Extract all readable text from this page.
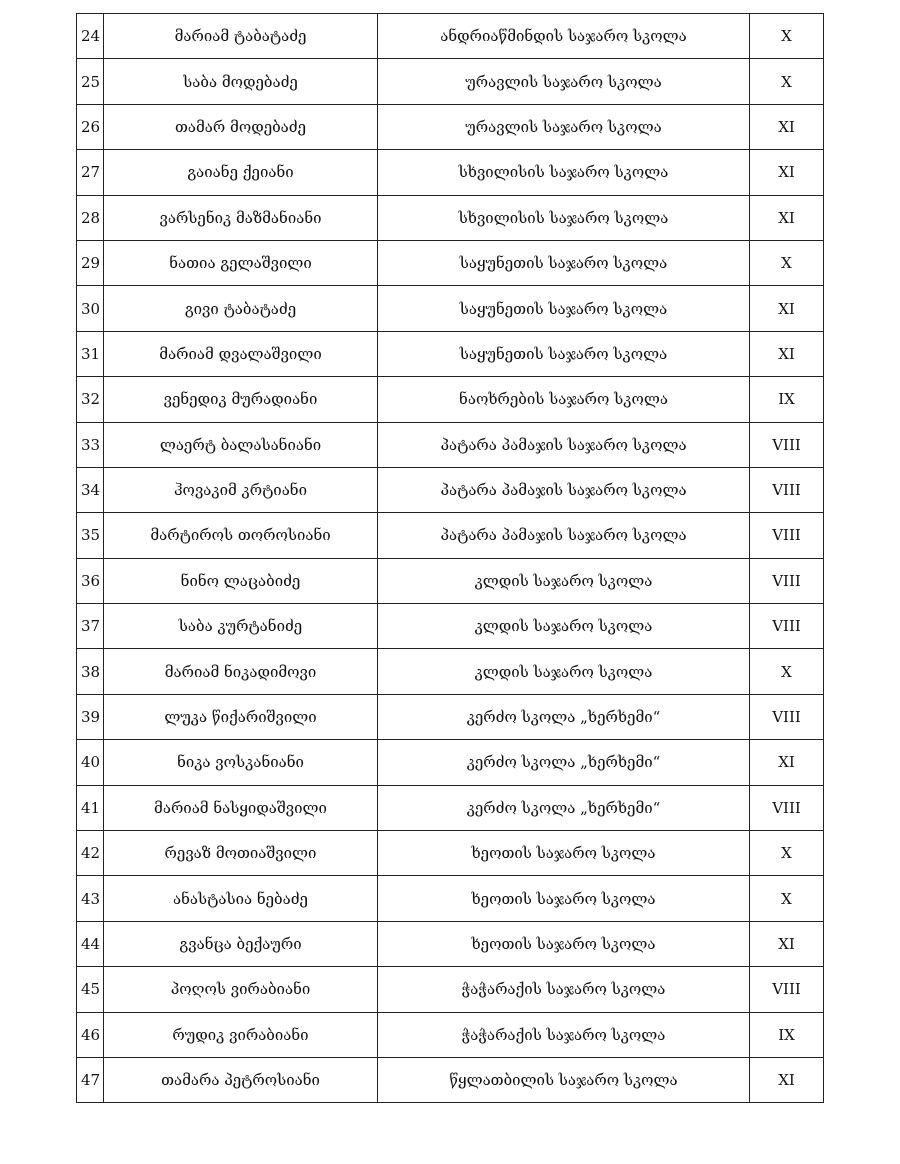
24	მარიამ ტაბატაძე	ანდრიაწმინდის საჯარო სკოლა	X
25	საბა მოდებაძე	ურავლის საჯარო სკოლა	X
26	თამარ მოდებაძე	ურავლის საჯარო სკოლა	XI
27	გაიანე ქეიანი	სხვილისის საჯარო სკოლა	XI
28	ვარსენიკ მაზმანიანი	სხვილისის საჯარო სკოლა	XI
29	ნათია გელაშვილი	საყუნეთის საჯარო სკოლა	X
30	გივი ტაბატაძე	საყუნეთის საჯარო სკოლა	XI
31	მარიამ დვალაშვილი	საყუნეთის საჯარო სკოლა	XI
32	ვენედიკ მურადიანი	ნაოხრების საჯარო სკოლა	IX
33	ლაერტ ბალასანიანი	პატარა პამაჯის საჯარო სკოლა	VIII
34	ჰოვაკიმ კრტიანი	პატარა პამაჯის საჯარო სკოლა	VIII
35	მარტიროს თოროსიანი	პატარა პამაჯის საჯარო სკოლა	VIII
36	ნინო ლაცაბიძე	კლდის საჯარო სკოლა	VIII
37	საბა კურტანიძე	კლდის საჯარო სკოლა	VIII
38	მარიამ ნიკადიმოვი	კლდის საჯარო სკოლა	X
39	ლუკა წიქარიშვილი	კერძო სკოლა „ხერხემი“	VIII
40	ნიკა ვოსკანიანი	კერძო სკოლა „ხერხემი“	XI
41	მარიამ ნასყიდაშვილი	კერძო სკოლა „ხერხემი“	VIII
42	რევაზ მოთიაშვილი	ხეოთის საჯარო სკოლა	X
43	ანასტასია ნებაძე	ხეოთის საჯარო სკოლა	X
44	გვანცა ბექაური	ხეოთის საჯარო სკოლა	XI
45	პოღოს ვირაბიანი	ჭაჭარაქის საჯარო სკოლა	VIII
46	რუდიკ ვირაბიანი	ჭაჭარაქის საჯარო სკოლა	IX
47	თამარა პეტროსიანი	წყლათბილის საჯარო სკოლა	XI
